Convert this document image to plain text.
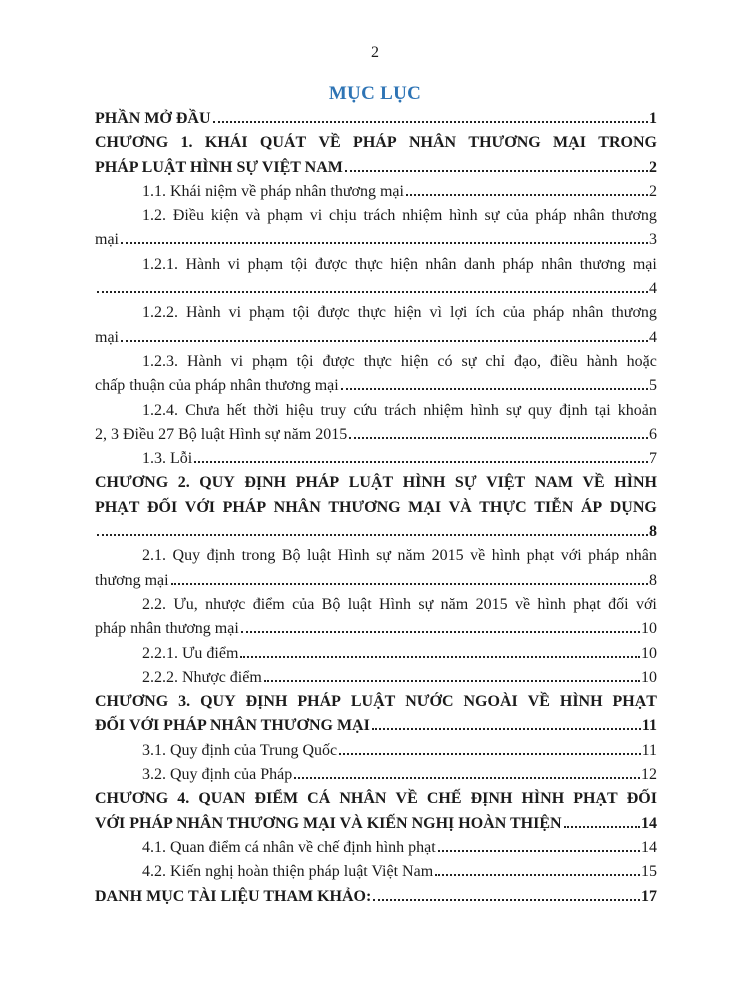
2
MỤC LỤC
PHẦN MỞ ĐẦU	1
CHƯƠNG 1. KHÁI QUÁT VỀ PHÁP NHÂN THƯƠNG MẠI TRONG
PHÁP LUẬT HÌNH SỰ VIỆT NAM	2
1.1. Khái niệm về pháp nhân thương mại	2
1.2. Điều kiện và phạm vi chịu trách nhiệm hình sự của pháp nhân thương
mại	3
1.2.1. Hành vi phạm tội được thực hiện nhân danh pháp nhân thương mại
4
1.2.2. Hành vi phạm tội được thực hiện vì lợi ích của pháp nhân thương
mại	4
1.2.3. Hành vi phạm tội được thực hiện có sự chỉ đạo, điều hành hoặc
chấp thuận của pháp nhân thương mại	5
1.2.4. Chưa hết thời hiệu truy cứu trách nhiệm hình sự quy định tại khoản
2, 3 Điều 27 Bộ luật Hình sự năm 2015	6
1.3. Lỗi	7
CHƯƠNG 2. QUY ĐỊNH PHÁP LUẬT HÌNH SỰ VIỆT NAM VỀ HÌNH
PHẠT ĐỐI VỚI PHÁP NHÂN THƯƠNG MẠI VÀ THỰC TIỄN ÁP DỤNG
8
2.1. Quy định trong Bộ luật Hình sự năm 2015 về hình phạt với pháp nhân
thương mại	8
2.2. Ưu, nhược điểm của Bộ luật Hình sự năm 2015 về hình phạt đối với
pháp nhân thương mại	10
2.2.1. Ưu điểm	10
2.2.2. Nhược điểm	10
CHƯƠNG 3. QUY ĐỊNH PHÁP LUẬT NƯỚC NGOÀI VỀ HÌNH PHẠT
ĐỐI VỚI PHÁP NHÂN THƯƠNG MẠI	11
3.1. Quy định của Trung Quốc	11
3.2. Quy định của Pháp	12
CHƯƠNG 4. QUAN ĐIỂM CÁ NHÂN VỀ CHẾ ĐỊNH HÌNH PHẠT ĐỐI
VỚI PHÁP NHÂN THƯƠNG MẠI VÀ KIẾN NGHỊ HOÀN THIỆN	14
4.1. Quan điểm cá nhân về chế định hình phạt	14
4.2. Kiến nghị hoàn thiện pháp luật Việt Nam	15
DANH MỤC TÀI LIỆU THAM KHẢO:	17
